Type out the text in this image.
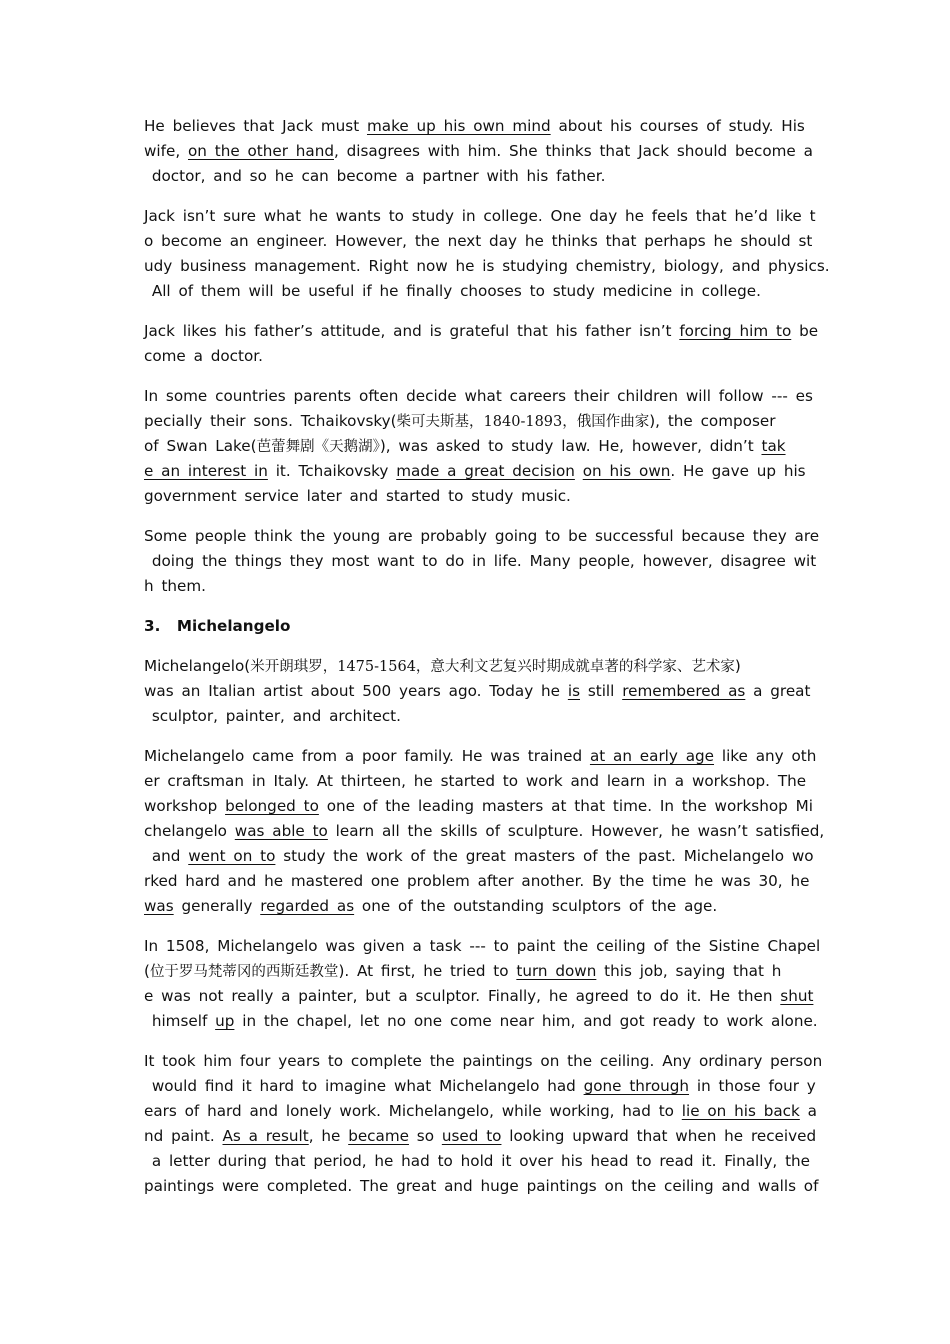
He believes that Jack must make up his own mind about his courses of study. His
wife, on the other hand, disagrees with him. She thinks that Jack should become a
doctor, and so he can become a partner with his father.
Jack isn’t sure what he wants to study in college. One day he feels that he’d like t
o become an engineer. However, the next day he thinks that perhaps he should st
udy business management. Right now he is studying chemistry, biology, and physics.
All of them will be useful if he finally chooses to study medicine in college.
Jack likes his father’s attitude, and is grateful that his father isn’t forcing him to be
come a doctor.
In some countries parents often decide what careers their children will follow --- es
pecially their sons. Tchaikovsky(柴可夫斯基，1840-1893，俄国作曲家), the composer
of Swan Lake(芭蕾舞剧《天鹅湖》), was asked to study law. He, however, didn’t tak
e an interest in it. Tchaikovsky made a great decision on his own. He gave up his
government service later and started to study music.
Some people think the young are probably going to be successful because they are
doing the things they most want to do in life. Many people, however, disagree wit
h them.
3.  Michelangelo
Michelangelo(米开朗琪罗，1475-1564，意大利文艺复兴时期成就卓著的科学家、艺术家)
was an Italian artist about 500 years ago. Today he is still remembered as a great
sculptor, painter, and architect.
Michelangelo came from a poor family. He was trained at an early age like any oth
er craftsman in Italy. At thirteen, he started to work and learn in a workshop. The
workshop belonged to one of the leading masters at that time. In the workshop Mi
chelangelo was able to learn all the skills of sculpture. However, he wasn’t satisfied,
and went on to study the work of the great masters of the past. Michelangelo wo
rked hard and he mastered one problem after another. By the time he was 30, he
was generally regarded as one of the outstanding sculptors of the age.
In 1508, Michelangelo was given a task --- to paint the ceiling of the Sistine Chapel
(位于罗马梵蒂冈的西斯廷教堂). At first, he tried to turn down this job, saying that h
e was not really a painter, but a sculptor. Finally, he agreed to do it. He then shut
himself up in the chapel, let no one come near him, and got ready to work alone.
It took him four years to complete the paintings on the ceiling. Any ordinary person
would find it hard to imagine what Michelangelo had gone through in those four y
ears of hard and lonely work. Michelangelo, while working, had to lie on his back a
nd paint. As a result, he became so used to looking upward that when he received
a letter during that period, he had to hold it over his head to read it. Finally, the
paintings were completed. The great and huge paintings on the ceiling and walls of
